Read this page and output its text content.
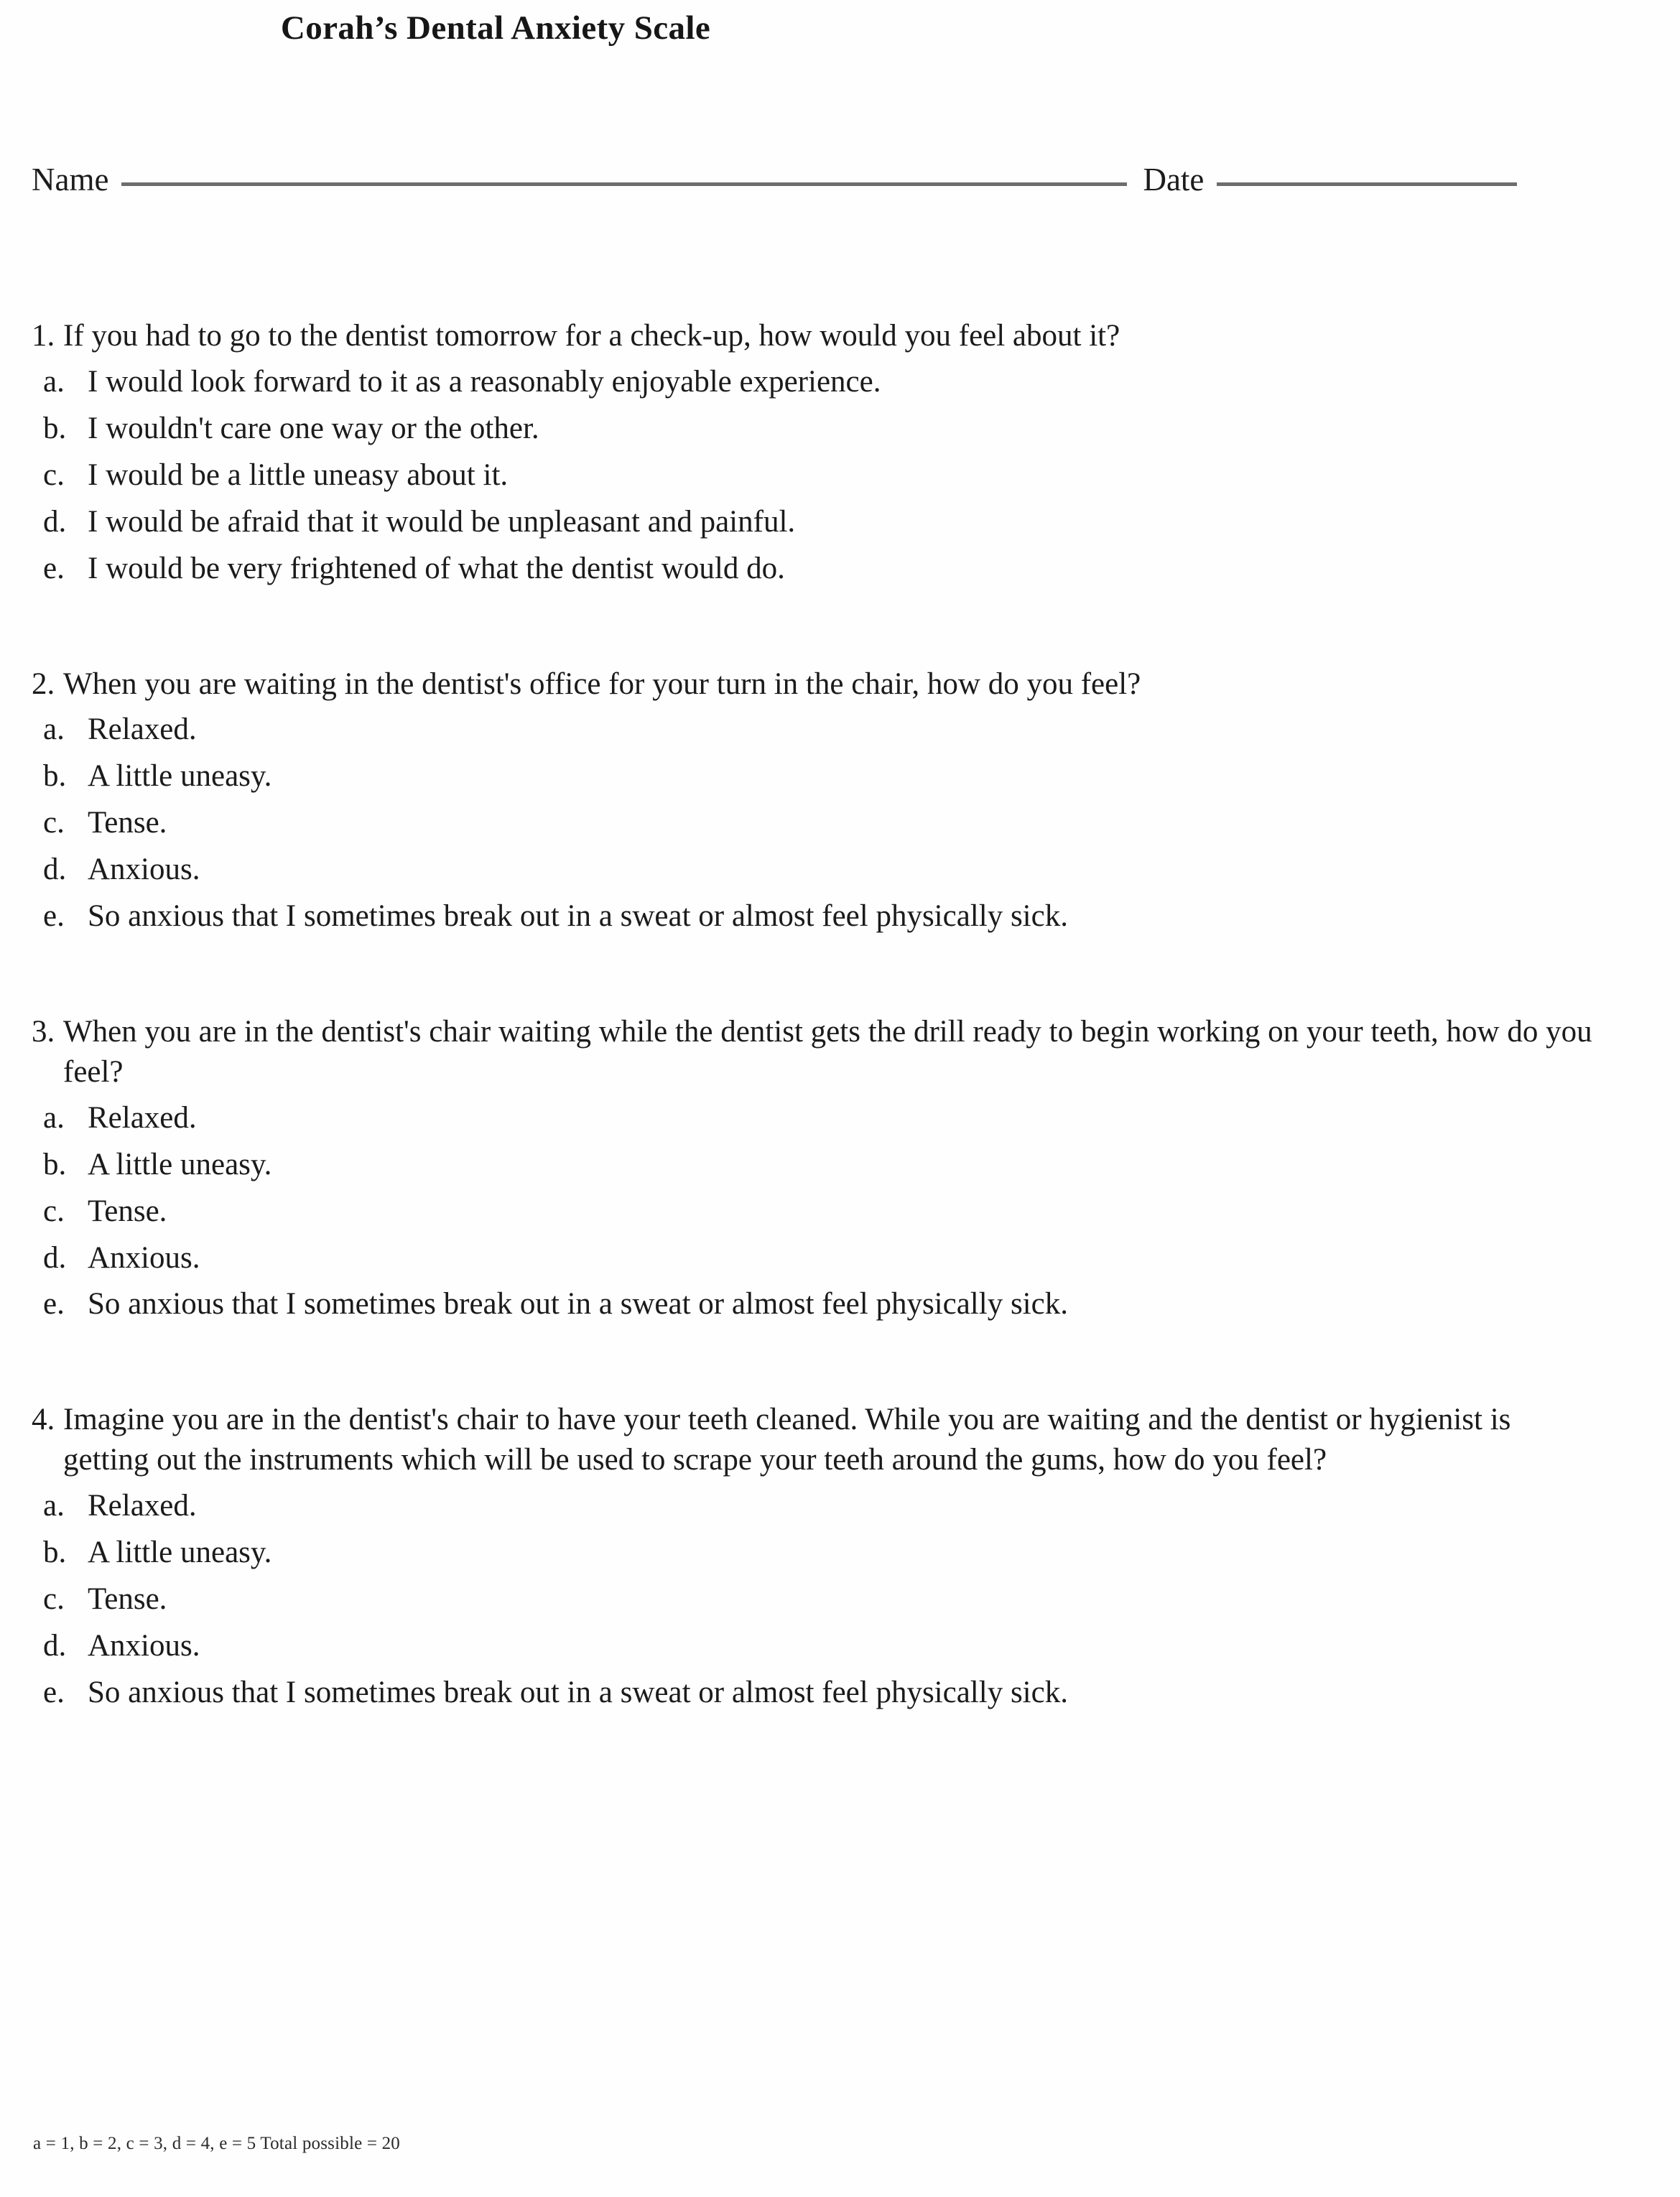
Corah’s Dental Anxiety Scale
Name	Date
1. If you had to go to the dentist tomorrow for a check-up, how would you feel about it?
a. I would look forward to it as a reasonably enjoyable experience.
b. I wouldn't care one way or the other.
c. I would be a little uneasy about it.
d. I would be afraid that it would be unpleasant and painful.
e. I would be very frightened of what the dentist would do.
2. When you are waiting in the dentist's office for your turn in the chair, how do you feel?
a. Relaxed.
b. A little uneasy.
c. Tense.
d. Anxious.
e. So anxious that I sometimes break out in a sweat or almost feel physically sick.
3. When you are in the dentist's chair waiting while the dentist gets the drill ready to begin working on your teeth, how do you feel?
a. Relaxed.
b. A little uneasy.
c. Tense.
d. Anxious.
e. So anxious that I sometimes break out in a sweat or almost feel physically sick.
4. Imagine you are in the dentist's chair to have your teeth cleaned. While you are waiting and the dentist or hygienist is getting out the instruments which will be used to scrape your teeth around the gums, how do you feel?
a. Relaxed.
b. A little uneasy.
c. Tense.
d. Anxious.
e. So anxious that I sometimes break out in a sweat or almost feel physically sick.
a = 1, b = 2, c = 3, d = 4, e = 5 Total possible = 20
